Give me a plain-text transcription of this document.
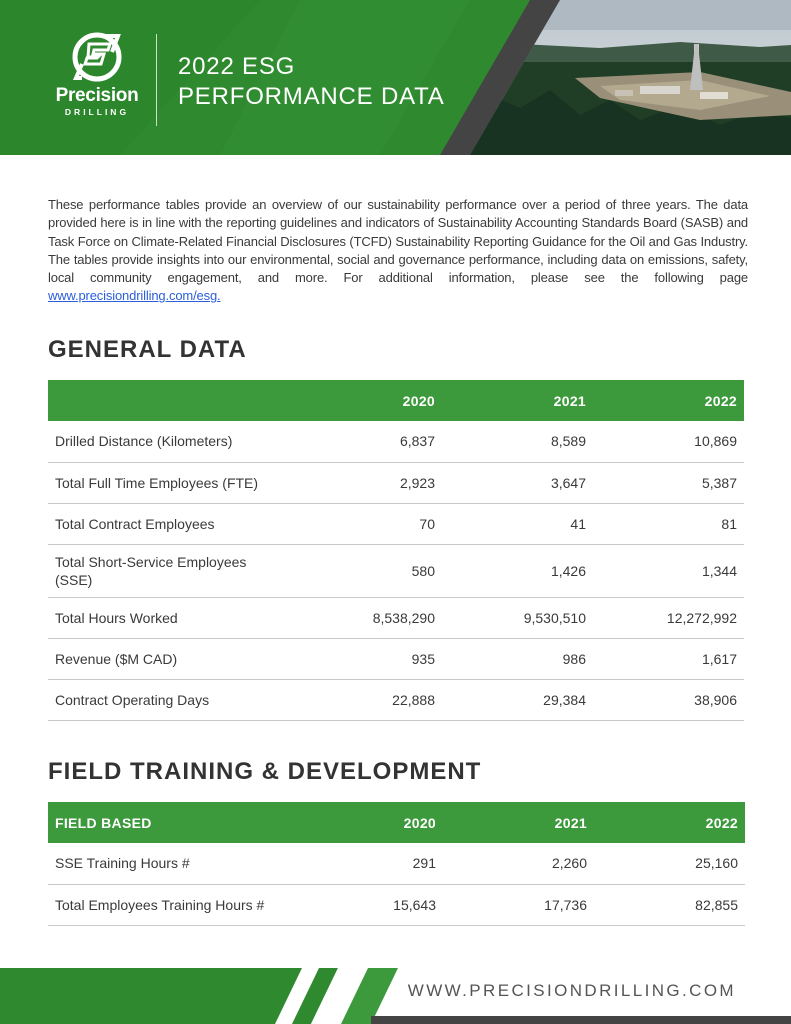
Precision
DRILLING
2022 ESG
PERFORMANCE DATA

These performance tables provide an overview of our sustainability performance over a period of three years. The data provided here is in line with the reporting guidelines and indicators of Sustainability Accounting Standards Board (SASB) and Task Force on Climate-Related Financial Disclosures (TCFD) Sustainability Reporting Guidance for the Oil and Gas Industry. The tables provide insights into our environmental, social and governance performance, including data on emissions, safety, local community engagement, and more. For additional information, please see the following page www.precisiondrilling.com/esg.

GENERAL DATA
	2020	2021	2022
Drilled Distance (Kilometers)	6,837	8,589	10,869
Total Full Time Employees (FTE)	2,923	3,647	5,387
Total Contract Employees	70	41	81
Total Short-Service Employees (SSE)	580	1,426	1,344
Total Hours Worked	8,538,290	9,530,510	12,272,992
Revenue ($M CAD)	935	986	1,617
Contract Operating Days	22,888	29,384	38,906
FIELD TRAINING & DEVELOPMENT
FIELD BASED	2020	2021	2022
SSE Training Hours #	291	2,260	25,160
Total Employees Training Hours #	15,643	17,736	82,855
WWW.PRECISIONDRILLING.COM
